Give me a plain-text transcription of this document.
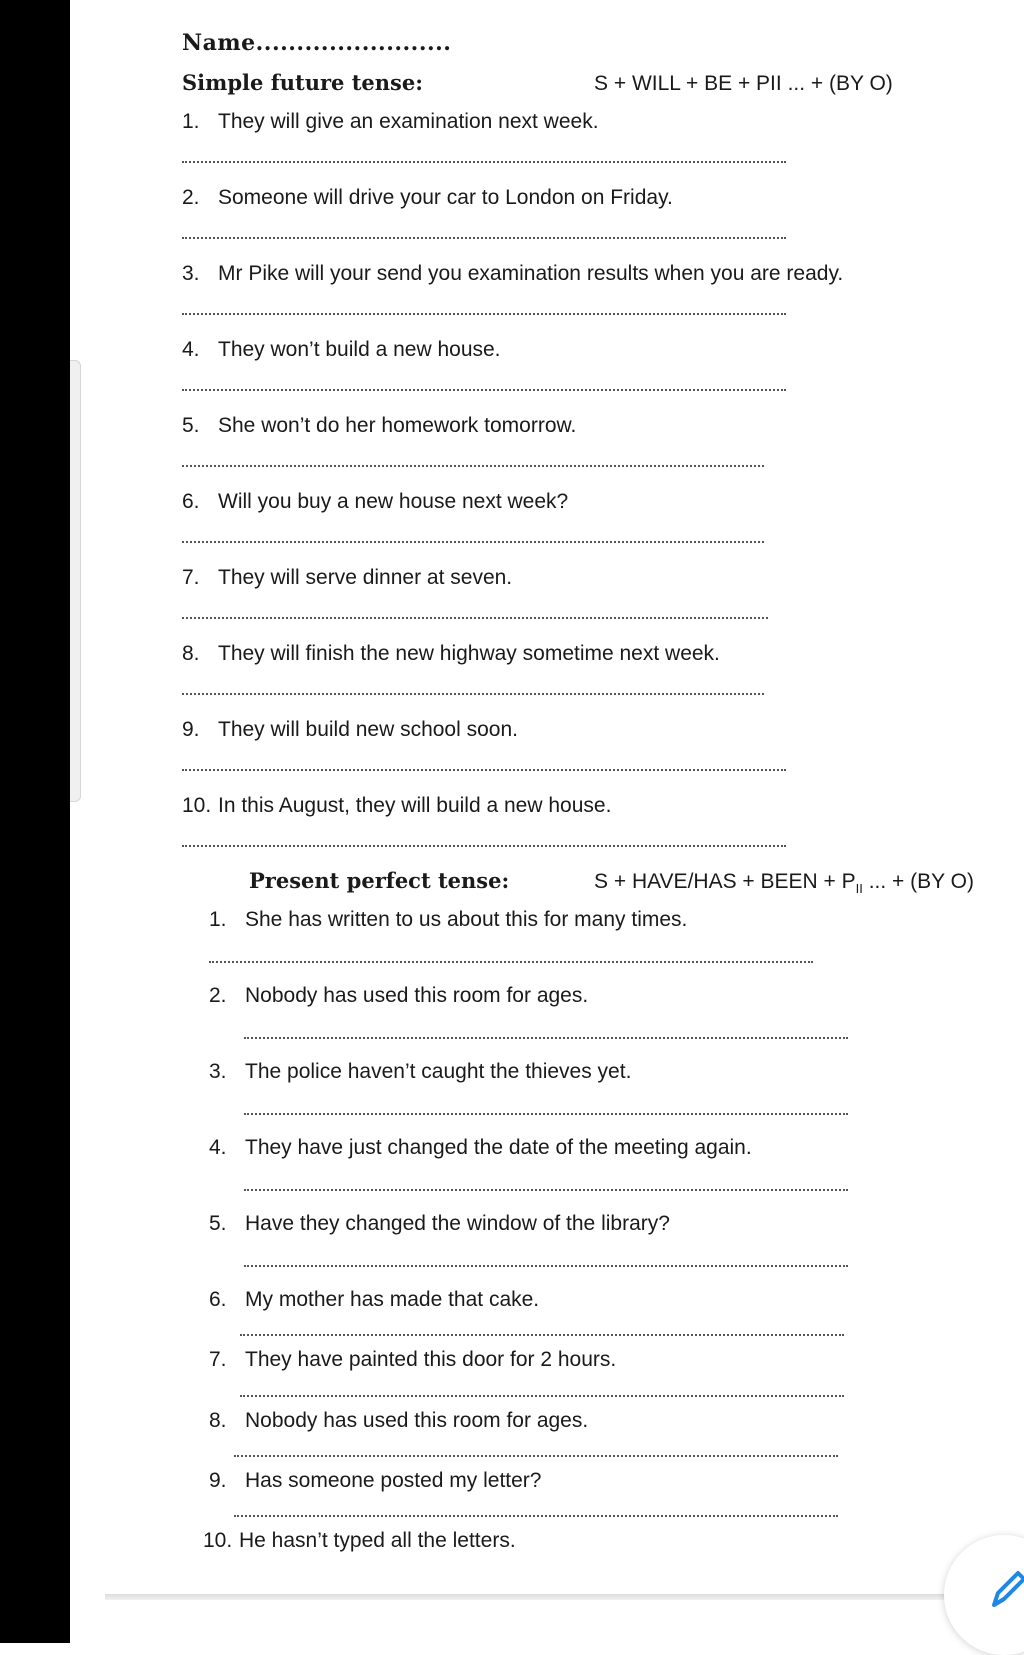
Name........................
Simple future tense:	S + WILL + BE + PII ... + (BY O)
1. They will give an examination next week.
2. Someone will drive your car to London on Friday.
3. Mr Pike will your send you examination results when you are ready.
4. They won’t build a new house.
5. She won’t do her homework tomorrow.
6. Will you buy a new house next week?
7. They will serve dinner at seven.
8. They will finish the new highway sometime next week.
9. They will build new school soon.
10. In this August, they will build a new house.
Present perfect tense:	S + HAVE/HAS + BEEN + $P_{II}$ ... + (BY O)
1. She has written to us about this for many times.
2. Nobody has used this room for ages.
3. The police haven’t caught the thieves yet.
4. They have just changed the date of the meeting again.
5. Have they changed the window of the library?
6. My mother has made that cake.
7. They have painted this door for 2 hours.
8. Nobody has used this room for ages.
9. Has someone posted my letter?
10. He hasn’t typed all the letters.
